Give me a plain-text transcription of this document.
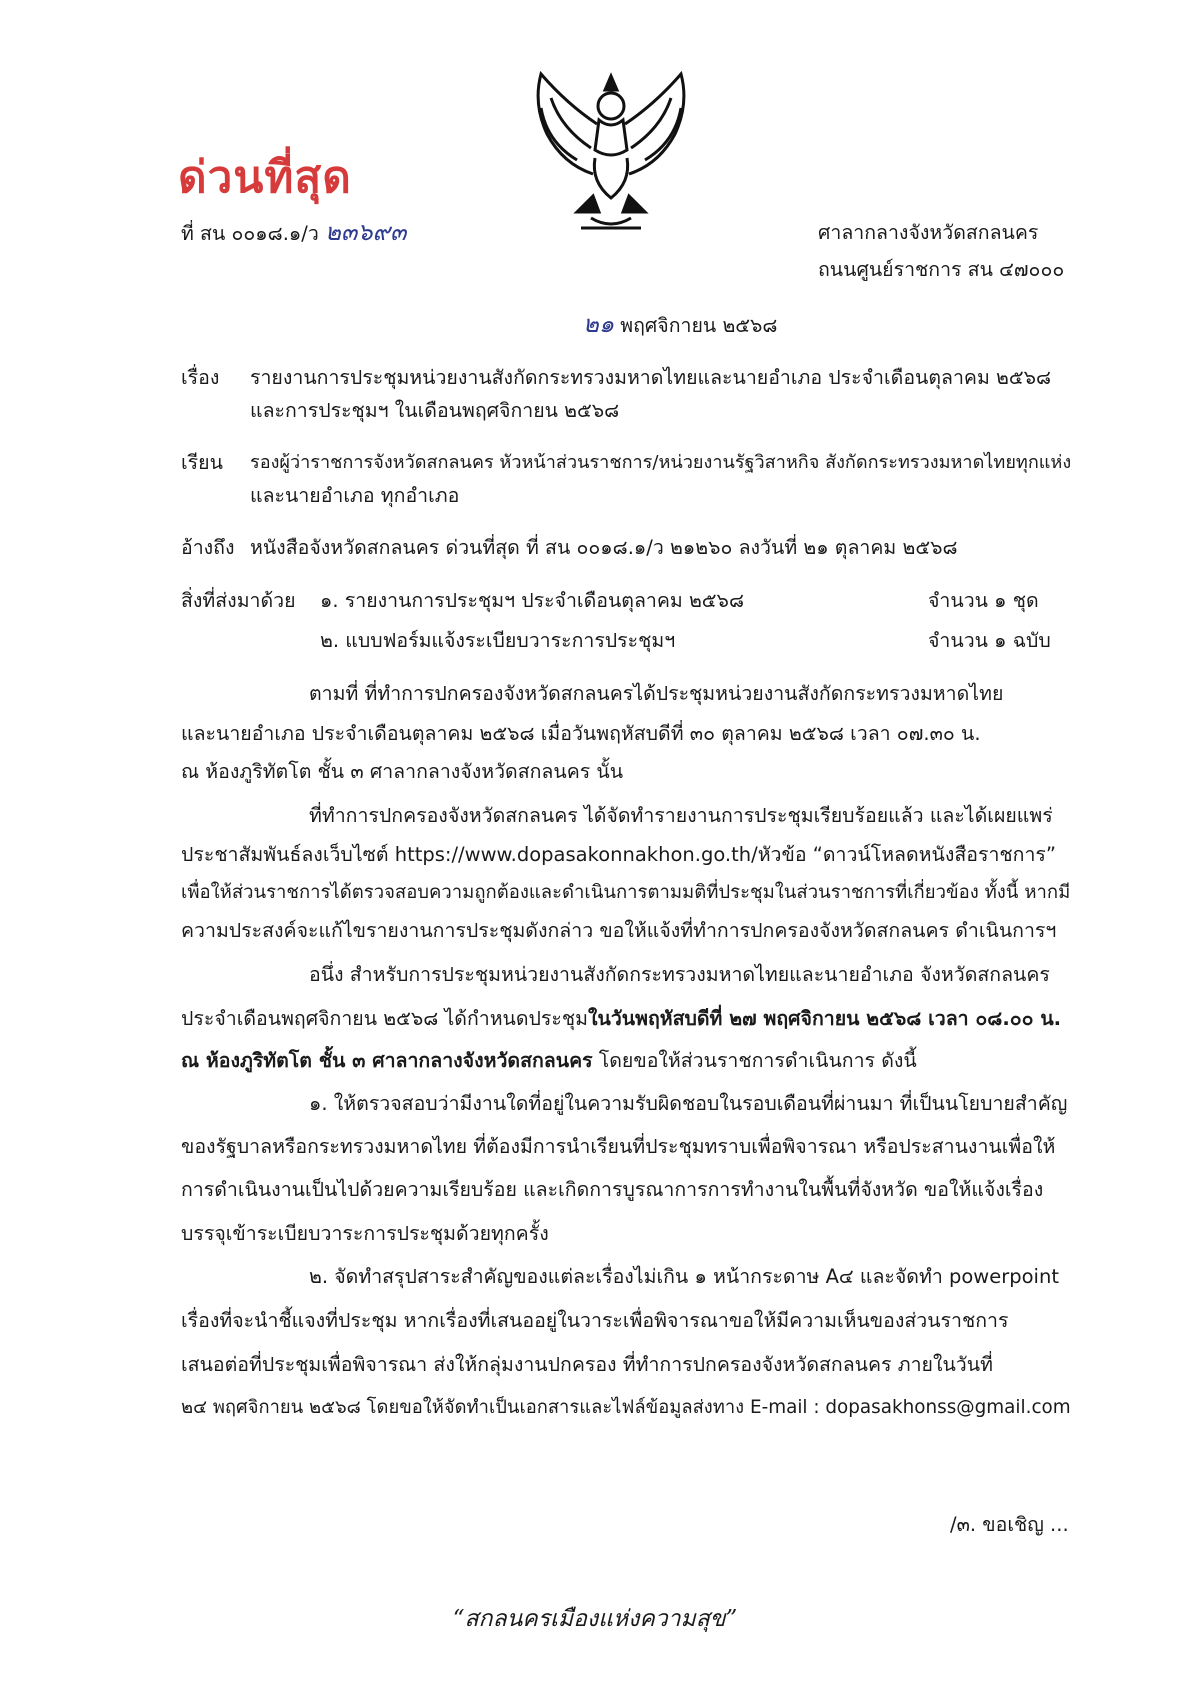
ด่วนที่สุด
ที่ สน ๐๐๑๘.๑/ว ๒๓๖๙๓	ศาลากลางจังหวัดสกลนคร
ถนนศูนย์ราชการ สน ๔๗๐๐๐
๒๑ พฤศจิกายน ๒๕๖๘
เรื่อง รายงานการประชุมหน่วยงานสังกัดกระทรวงมหาดไทยและนายอำเภอ ประจำเดือนตุลาคม ๒๕๖๘
และการประชุมฯ ในเดือนพฤศจิกายน ๒๕๖๘
เรียน รองผู้ว่าราชการจังหวัดสกลนคร หัวหน้าส่วนราชการ/หน่วยงานรัฐวิสาหกิจ สังกัดกระทรวงมหาดไทยทุกแห่ง
และนายอำเภอ ทุกอำเภอ
อ้างถึง หนังสือจังหวัดสกลนคร ด่วนที่สุด ที่ สน ๐๐๑๘.๑/ว ๒๑๒๖๐ ลงวันที่ ๒๑ ตุลาคม ๒๕๖๘
สิ่งที่ส่งมาด้วย ๑. รายงานการประชุมฯ ประจำเดือนตุลาคม ๒๕๖๘	จำนวน ๑ ชุด
๒. แบบฟอร์มแจ้งระเบียบวาระการประชุมฯ	จำนวน ๑ ฉบับ
ตามที่ ที่ทำการปกครองจังหวัดสกลนครได้ประชุมหน่วยงานสังกัดกระทรวงมหาดไทย
และนายอำเภอ ประจำเดือนตุลาคม ๒๕๖๘ เมื่อวันพฤหัสบดีที่ ๓๐ ตุลาคม ๒๕๖๘ เวลา ๐๗.๓๐ น.
ณ ห้องภูริทัตโต ชั้น ๓ ศาลากลางจังหวัดสกลนคร นั้น
ที่ทำการปกครองจังหวัดสกลนคร ได้จัดทำรายงานการประชุมเรียบร้อยแล้ว และได้เผยแพร่
ประชาสัมพันธ์ลงเว็บไซต์ https://www.dopasakonnakhon.go.th/หัวข้อ “ดาวน์โหลดหนังสือราชการ”
เพื่อให้ส่วนราชการได้ตรวจสอบความถูกต้องและดำเนินการตามมติที่ประชุมในส่วนราชการที่เกี่ยวข้อง ทั้งนี้ หากมี
ความประสงค์จะแก้ไขรายงานการประชุมดังกล่าว ขอให้แจ้งที่ทำการปกครองจังหวัดสกลนคร ดำเนินการฯ
อนึ่ง สำหรับการประชุมหน่วยงานสังกัดกระทรวงมหาดไทยและนายอำเภอ จังหวัดสกลนคร
ประจำเดือนพฤศจิกายน ๒๕๖๘ ได้กำหนดประชุมในวันพฤหัสบดีที่ ๒๗ พฤศจิกายน ๒๕๖๘ เวลา ๐๘.๐๐ น.
ณ ห้องภูริทัตโต ชั้น ๓ ศาลากลางจังหวัดสกลนคร โดยขอให้ส่วนราชการดำเนินการ ดังนี้
๑. ให้ตรวจสอบว่ามีงานใดที่อยู่ในความรับผิดชอบในรอบเดือนที่ผ่านมา ที่เป็นนโยบายสำคัญ
ของรัฐบาลหรือกระทรวงมหาดไทย ที่ต้องมีการนำเรียนที่ประชุมทราบเพื่อพิจารณา หรือประสานงานเพื่อให้
การดำเนินงานเป็นไปด้วยความเรียบร้อย และเกิดการบูรณาการการทำงานในพื้นที่จังหวัด ขอให้แจ้งเรื่อง
บรรจุเข้าระเบียบวาระการประชุมด้วยทุกครั้ง
๒. จัดทำสรุปสาระสำคัญของแต่ละเรื่องไม่เกิน ๑ หน้ากระดาษ A๔ และจัดทำ powerpoint
เรื่องที่จะนำชี้แจงที่ประชุม หากเรื่องที่เสนออยู่ในวาระเพื่อพิจารณาขอให้มีความเห็นของส่วนราชการ
เสนอต่อที่ประชุมเพื่อพิจารณา ส่งให้กลุ่มงานปกครอง ที่ทำการปกครองจังหวัดสกลนคร ภายในวันที่
๒๔ พฤศจิกายน ๒๕๖๘ โดยขอให้จัดทำเป็นเอกสารและไฟล์ข้อมูลส่งทาง E-mail : dopasakhonss@gmail.com
/๓. ขอเชิญ ...
“สกลนครเมืองแห่งความสุข”
